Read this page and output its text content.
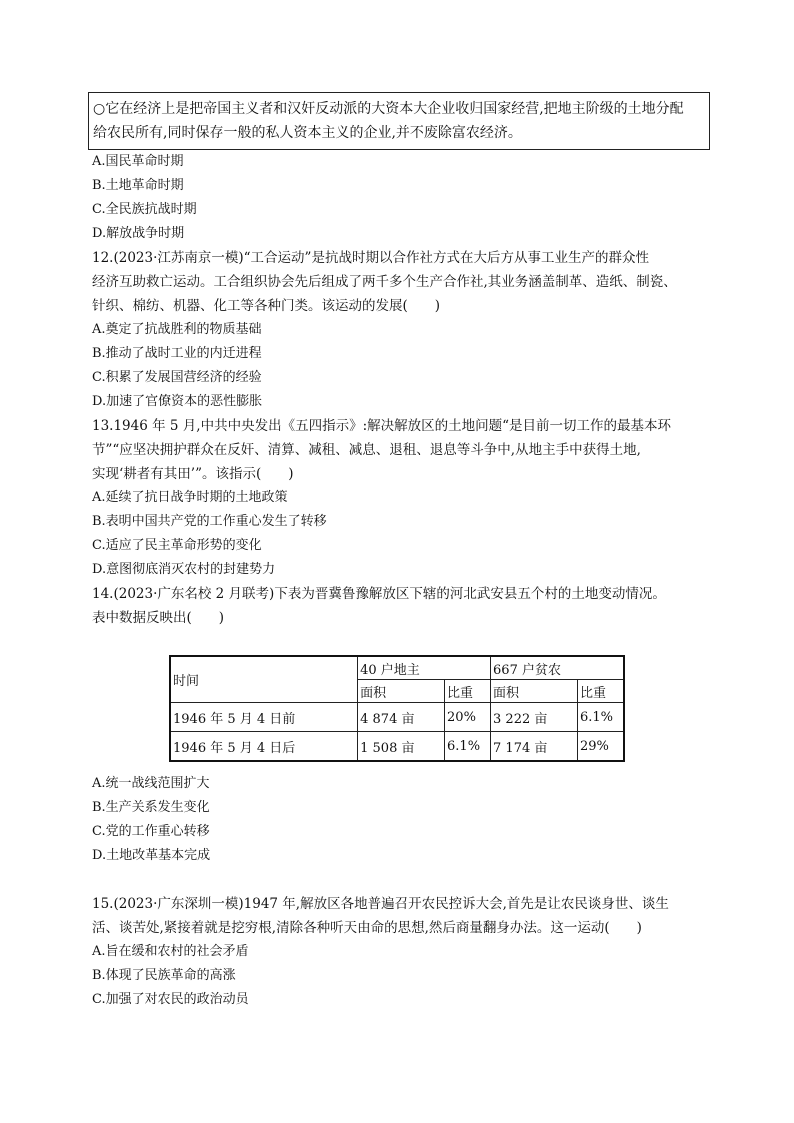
○它在经济上是把帝国主义者和汉奸反动派的大资本大企业收归国家经营,把地主阶级的土地分配
给农民所有,同时保存一般的私人资本主义的企业,并不废除富农经济。
A.国民革命时期
B.土地革命时期
C.全民族抗战时期
D.解放战争时期
12.(2023·江苏南京一模)“工合运动”是抗战时期以合作社方式在大后方从事工业生产的群众性
经济互助救亡运动。工合组织协会先后组成了两千多个生产合作社,其业务涵盖制革、造纸、制瓷、
针织、棉纺、机器、化工等各种门类。该运动的发展(　　)
A.奠定了抗战胜利的物质基础
B.推动了战时工业的内迁进程
C.积累了发展国营经济的经验
D.加速了官僚资本的恶性膨胀
13.1946 年 5 月,中共中央发出《五四指示》:解决解放区的土地问题“是目前一切工作的最基本环
节”“应坚决拥护群众在反奸、清算、减租、减息、退租、退息等斗争中,从地主手中获得土地,
实现‘耕者有其田’”。该指示(　　)
A.延续了抗日战争时期的土地政策
B.表明中国共产党的工作重心发生了转移
C.适应了民主革命形势的变化
D.意图彻底消灭农村的封建势力
14.(2023·广东名校 2 月联考)下表为晋冀鲁豫解放区下辖的河北武安县五个村的土地变动情况。
表中数据反映出(　　)
时间	40 户地主		667 户贫农	
	面积	比重	面积	比重
1946 年 5 月 4 日前	4 874 亩	20%	3 222 亩	6.1%
1946 年 5 月 4 日后	1 508 亩	6.1%	7 174 亩	29%
A.统一战线范围扩大
B.生产关系发生变化
C.党的工作重心转移
D.土地改革基本完成
15.(2023·广东深圳一模)1947 年,解放区各地普遍召开农民控诉大会,首先是让农民谈身世、谈生
活、谈苦处,紧接着就是挖穷根,清除各种听天由命的思想,然后商量翻身办法。这一运动(　　)
A.旨在缓和农村的社会矛盾
B.体现了民族革命的高涨
C.加强了对农民的政治动员
